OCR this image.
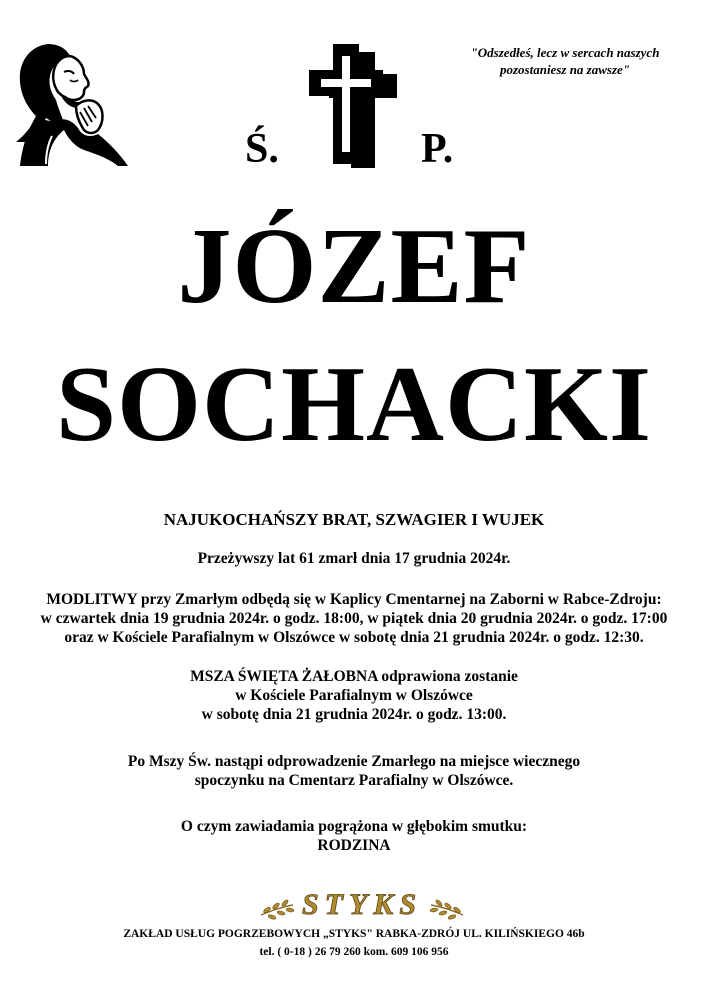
"Odszedłeś, lecz w sercach naszych
pozostaniesz na zawsze"
Ś.	P.
JÓZEF
SOCHACKI
NAJUKOCHAŃSZY BRAT, SZWAGIER I WUJEK
Przeżywszy lat 61 zmarł dnia 17 grudnia 2024r.
MODLITWY przy Zmarłym odbędą się w Kaplicy Cmentarnej na Zaborni w Rabce-Zdroju:
w czwartek dnia 19 grudnia 2024r. o godz. 18:00, w piątek dnia 20 grudnia 2024r. o godz. 17:00
oraz w Kościele Parafialnym w Olszówce w sobotę dnia 21 grudnia 2024r. o godz. 12:30.
MSZA ŚWIĘTA ŻAŁOBNA odprawiona zostanie
w Kościele Parafialnym w Olszówce
w sobotę dnia 21 grudnia 2024r. o godz. 13:00.
Po Mszy Św. nastąpi odprowadzenie Zmarłego na miejsce wiecznego
spoczynku na Cmentarz Parafialny w Olszówce.
O czym zawiadamia pogrążona w głębokim smutku:
RODZINA
STYKS
ZAKŁAD USŁUG POGRZEBOWYCH „STYKS" RABKA-ZDRÓJ UL. KILIŃSKIEGO 46b
tel. ( 0-18 ) 26 79 260 kom. 609 106 956
